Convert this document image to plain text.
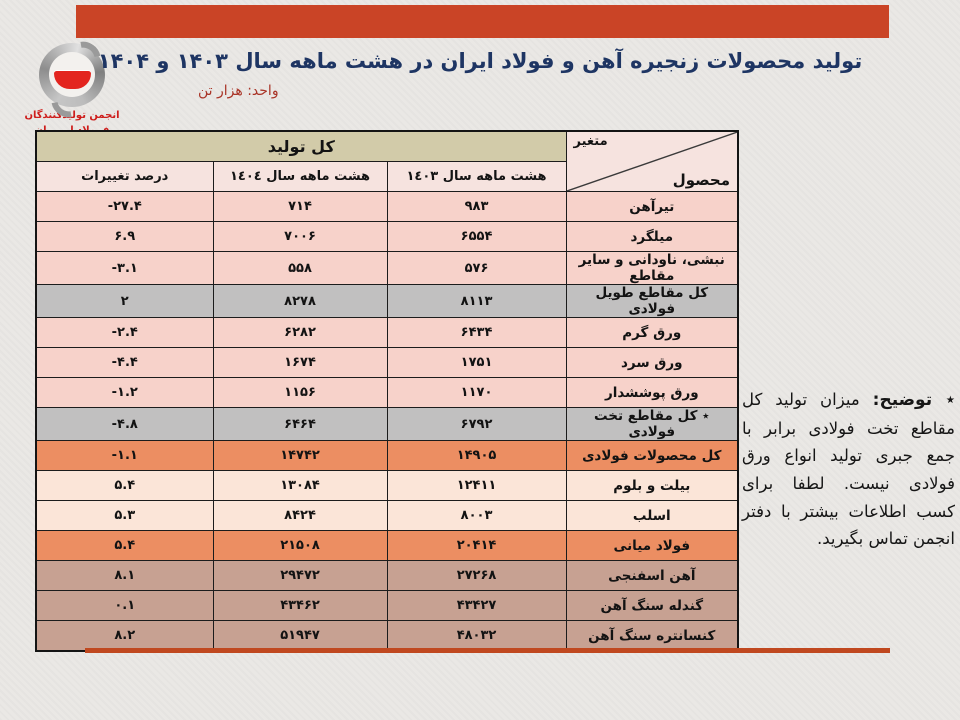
انجمن تولیدکنندگان
تولید محصولات زنجیره آهن و فولاد ایران در هشت ماهه سال ۱۴۰۳ و ۱۴۰۴
واحد: هزار تن
متغیر
محصول	کل تولید		
	هشت ماهه سال ١٤٠٣	هشت ماهه سال ١٤٠٤	درصد تغییرات
تیرآهن	۹۸۳	۷۱۴	-۲۷.۴
میلگرد	۶۵۵۴	۷۰۰۶	۶.۹
نبشی، ناودانی و سایر مقاطع	۵۷۶	۵۵۸	-۳.۱
کل مقاطع طویل فولادی	۸۱۱۳	۸۲۷۸	۲
ورق گرم	۶۴۳۴	۶۲۸۲	-۲.۴
ورق سرد	۱۷۵۱	۱۶۷۴	-۴.۴
ورق پوششدار	۱۱۷۰	۱۱۵۶	-۱.۲
٭ کل مقاطع تخت فولادی	۶۷۹۲	۶۴۶۴	-۴.۸
کل محصولات فولادی	۱۴۹۰۵	۱۴۷۴۲	-۱.۱
بیلت و بلوم	۱۲۴۱۱	۱۳۰۸۴	۵.۴
اسلب	۸۰۰۳	۸۴۲۴	۵.۳
فولاد میانی	۲۰۴۱۴	۲۱۵۰۸	۵.۴
آهن اسفنجی	۲۷۲۶۸	۲۹۴۷۲	۸.۱
گندله سنگ آهن	۴۳۴۲۷	۴۳۴۶۲	۰.۱
کنسانتره سنگ آهن	۴۸۰۳۲	۵۱۹۴۷	۸.۲
٭ توضیح: میزان تولید کل مقاطع تخت فولادی برابر با جمع جبری تولید انواع ورق فولادی نیست. لطفا برای کسب اطلاعات بیشتر با دفتر انجمن تماس بگیرید.
